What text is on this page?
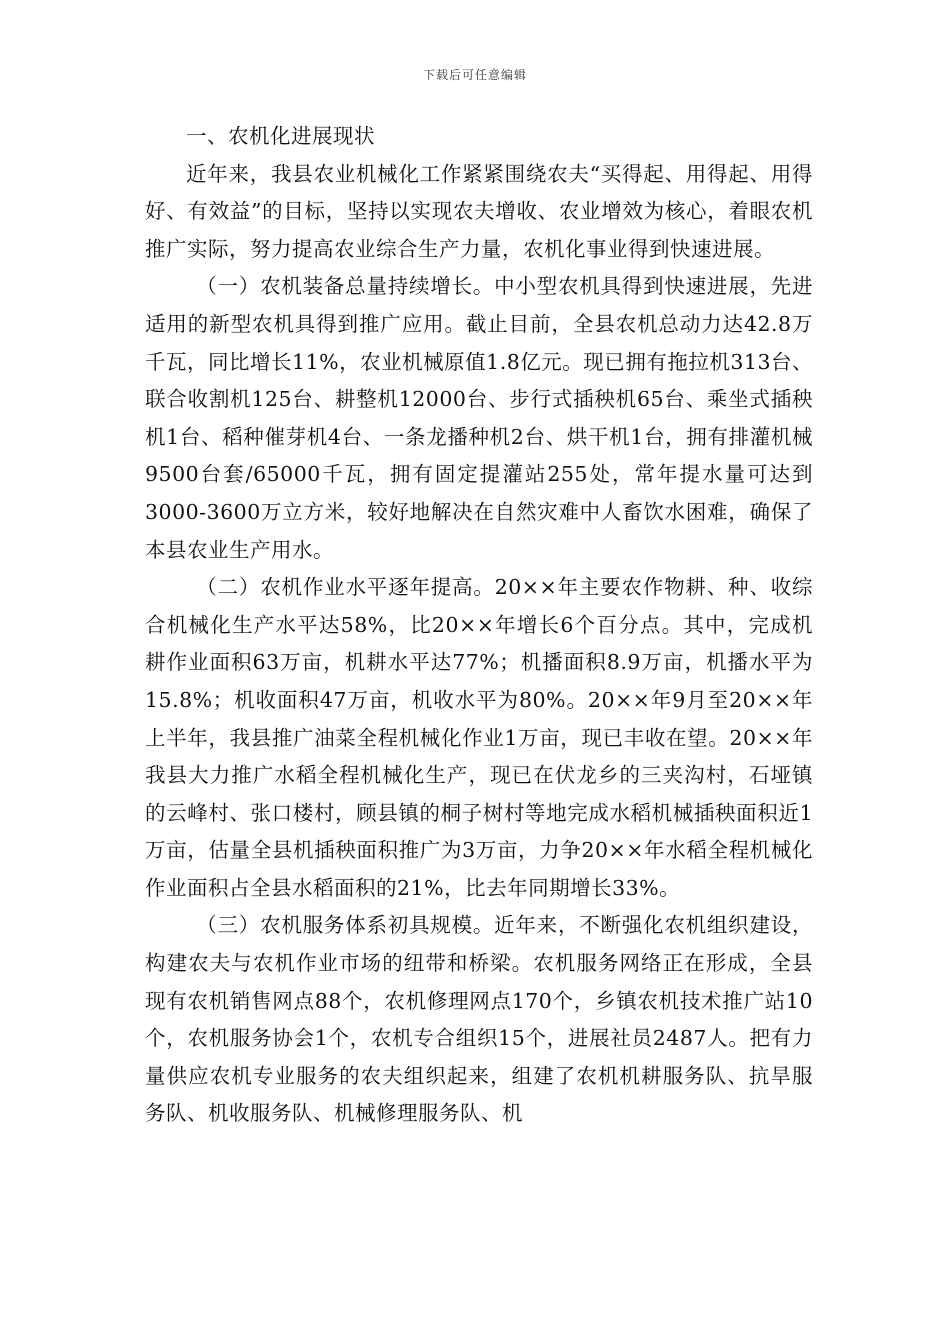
下载后可任意编辑

一、农机化进展现状

近年来，我县农业机械化工作紧紧围绕农夫“买得起、用得起、用得好、有效益”的目标，坚持以实现农夫增收、农业增效为核心，着眼农机推广实际，努力提高农业综合生产力量，农机化事业得到快速进展。

（一）农机装备总量持续增长。中小型农机具得到快速进展，先进适用的新型农机具得到推广应用。截止目前，全县农机总动力达42.8万千瓦，同比增长11%，农业机械原值1.8亿元。现已拥有拖拉机313台、联合收割机125台、耕整机12000台、步行式插秧机65台、乘坐式插秧机1台、稻种催芽机4台、一条龙播种机2台、烘干机1台，拥有排灌机械9500台套/65000千瓦，拥有固定提灌站255处，常年提水量可达到3000-3600万立方米，较好地解决在自然灾难中人畜饮水困难，确保了本县农业生产用水。

（二）农机作业水平逐年提高。20××年主要农作物耕、种、收综合机械化生产水平达58%，比20××年增长6个百分点。其中，完成机耕作业面积63万亩，机耕水平达77%；机播面积8.9万亩，机播水平为15.8%；机收面积47万亩，机收水平为80%。20××年9月至20××年上半年，我县推广油菜全程机械化作业1万亩，现已丰收在望。20××年我县大力推广水稻全程机械化生产，现已在伏龙乡的三夹沟村，石垭镇的云峰村、张口楼村，顾县镇的桐子树村等地完成水稻机械插秧面积近1万亩，估量全县机插秧面积推广为3万亩，力争20××年水稻全程机械化作业面积占全县水稻面积的21%，比去年同期增长33%。

（三）农机服务体系初具规模。近年来，不断强化农机组织建设，构建农夫与农机作业市场的纽带和桥梁。农机服务网络正在形成，全县现有农机销售网点88个，农机修理网点170个，乡镇农机技术推广站10个，农机服务协会1个，农机专合组织15个，进展社员2487人。把有力量供应农机专业服务的农夫组织起来，组建了农机机耕服务队、抗旱服务队、机收服务队、机械修理服务队、机
